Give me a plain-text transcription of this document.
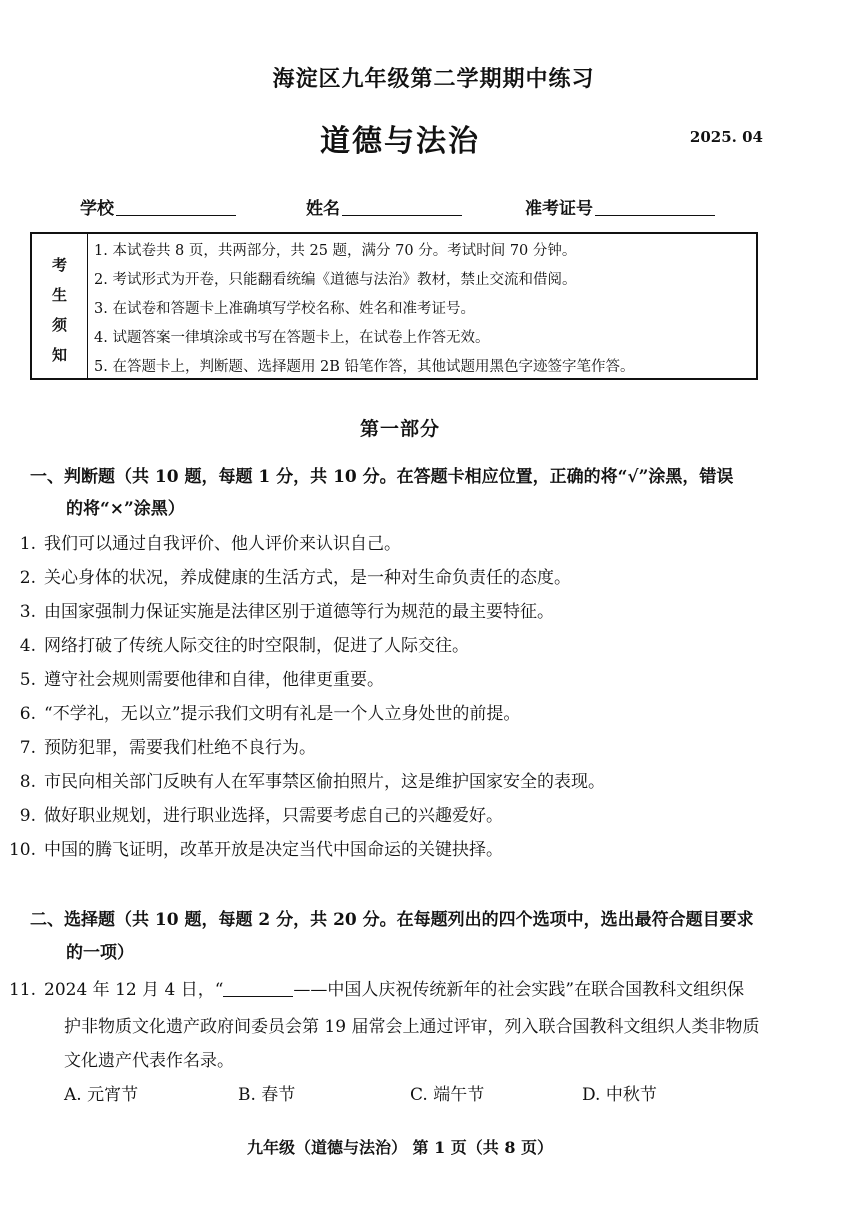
海淀区九年级第二学期期中练习
道德与法治	2025. 04
学校	姓名	准考证号
考
生
须
知
1. 本试卷共 8 页，共两部分，共 25 题，满分 70 分。考试时间 70 分钟。
2. 考试形式为开卷，只能翻看统编《道德与法治》教材，禁止交流和借阅。
3. 在试卷和答题卡上准确填写学校名称、姓名和准考证号。
4. 试题答案一律填涂或书写在答题卡上，在试卷上作答无效。
5. 在答题卡上，判断题、选择题用 2B 铅笔作答，其他试题用黑色字迹签字笔作答。
第一部分
一、判断题（共 10 题，每题 1 分，共 10 分。在答题卡相应位置，正确的将“√”涂黑，错误
的将“×”涂黑）
1. 我们可以通过自我评价、他人评价来认识自己。
2. 关心身体的状况，养成健康的生活方式，是一种对生命负责任的态度。
3. 由国家强制力保证实施是法律区别于道德等行为规范的最主要特征。
4. 网络打破了传统人际交往的时空限制，促进了人际交往。
5. 遵守社会规则需要他律和自律，他律更重要。
6. “不学礼，无以立”提示我们文明有礼是一个人立身处世的前提。
7. 预防犯罪，需要我们杜绝不良行为。
8. 市民向相关部门反映有人在军事禁区偷拍照片，这是维护国家安全的表现。
9. 做好职业规划，进行职业选择，只需要考虑自己的兴趣爱好。
10. 中国的腾飞证明，改革开放是决定当代中国命运的关键抉择。
二、选择题（共 10 题，每题 2 分，共 20 分。在每题列出的四个选项中，选出最符合题目要求
的一项）
11. 2024 年 12 月 4 日，“	——中国人庆祝传统新年的社会实践”在联合国教科文组织保
护非物质文化遗产政府间委员会第 19 届常会上通过评审，列入联合国教科文组织人类非物质
文化遗产代表作名录。
A. 元宵节	B. 春节	C. 端午节	D. 中秋节
九年级（道德与法治） 第 1 页（共 8 页）
